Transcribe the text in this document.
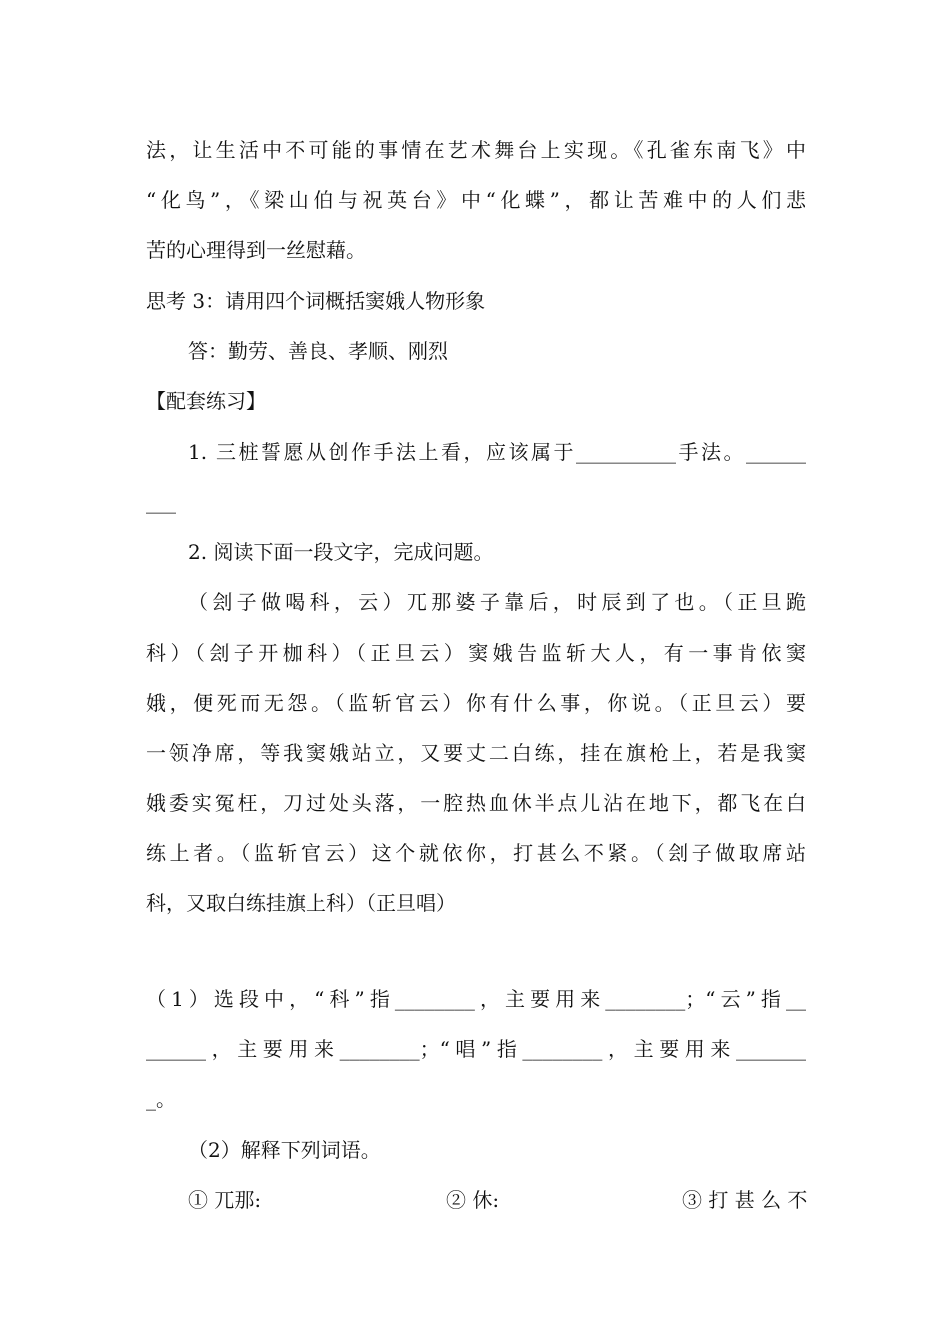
法，让生活中不可能的事情在艺术舞台上实现。《孔雀东南飞》中
“化鸟”，《梁山伯与祝英台》中“化蝶”，都让苦难中的人们悲
苦的心理得到一丝慰藉。
思考 3：请用四个词概括窦娥人物形象
答：勤劳、善良、孝顺、刚烈
【配套练习】
1. 三桩誓愿从创作手法上看，应该属于__________手法。______
___
2. 阅读下面一段文字，完成问题。
（刽子做喝科，云）兀那婆子靠后，时辰到了也。（正旦跪
科）（刽子开枷科）（正旦云）窦娥告监斩大人，有一事肯依窦
娥，便死而无怨。（监斩官云）你有什么事，你说。（正旦云）要
一领净席，等我窦娥站立，又要丈二白练，挂在旗枪上，若是我窦
娥委实冤枉，刀过处头落，一腔热血休半点儿沾在地下，都飞在白
练上者。（监斩官云）这个就依你，打甚么不紧。（刽子做取席站
科，又取白练挂旗上科）（正旦唱）
（1）选段中，“科”指________，主要用来________；“云”指__
______，主要用来________；“唱”指________，主要用来_______
_。
（2）解释下列词语。
① 兀那:	② 休:	③ 打 甚 么 不
